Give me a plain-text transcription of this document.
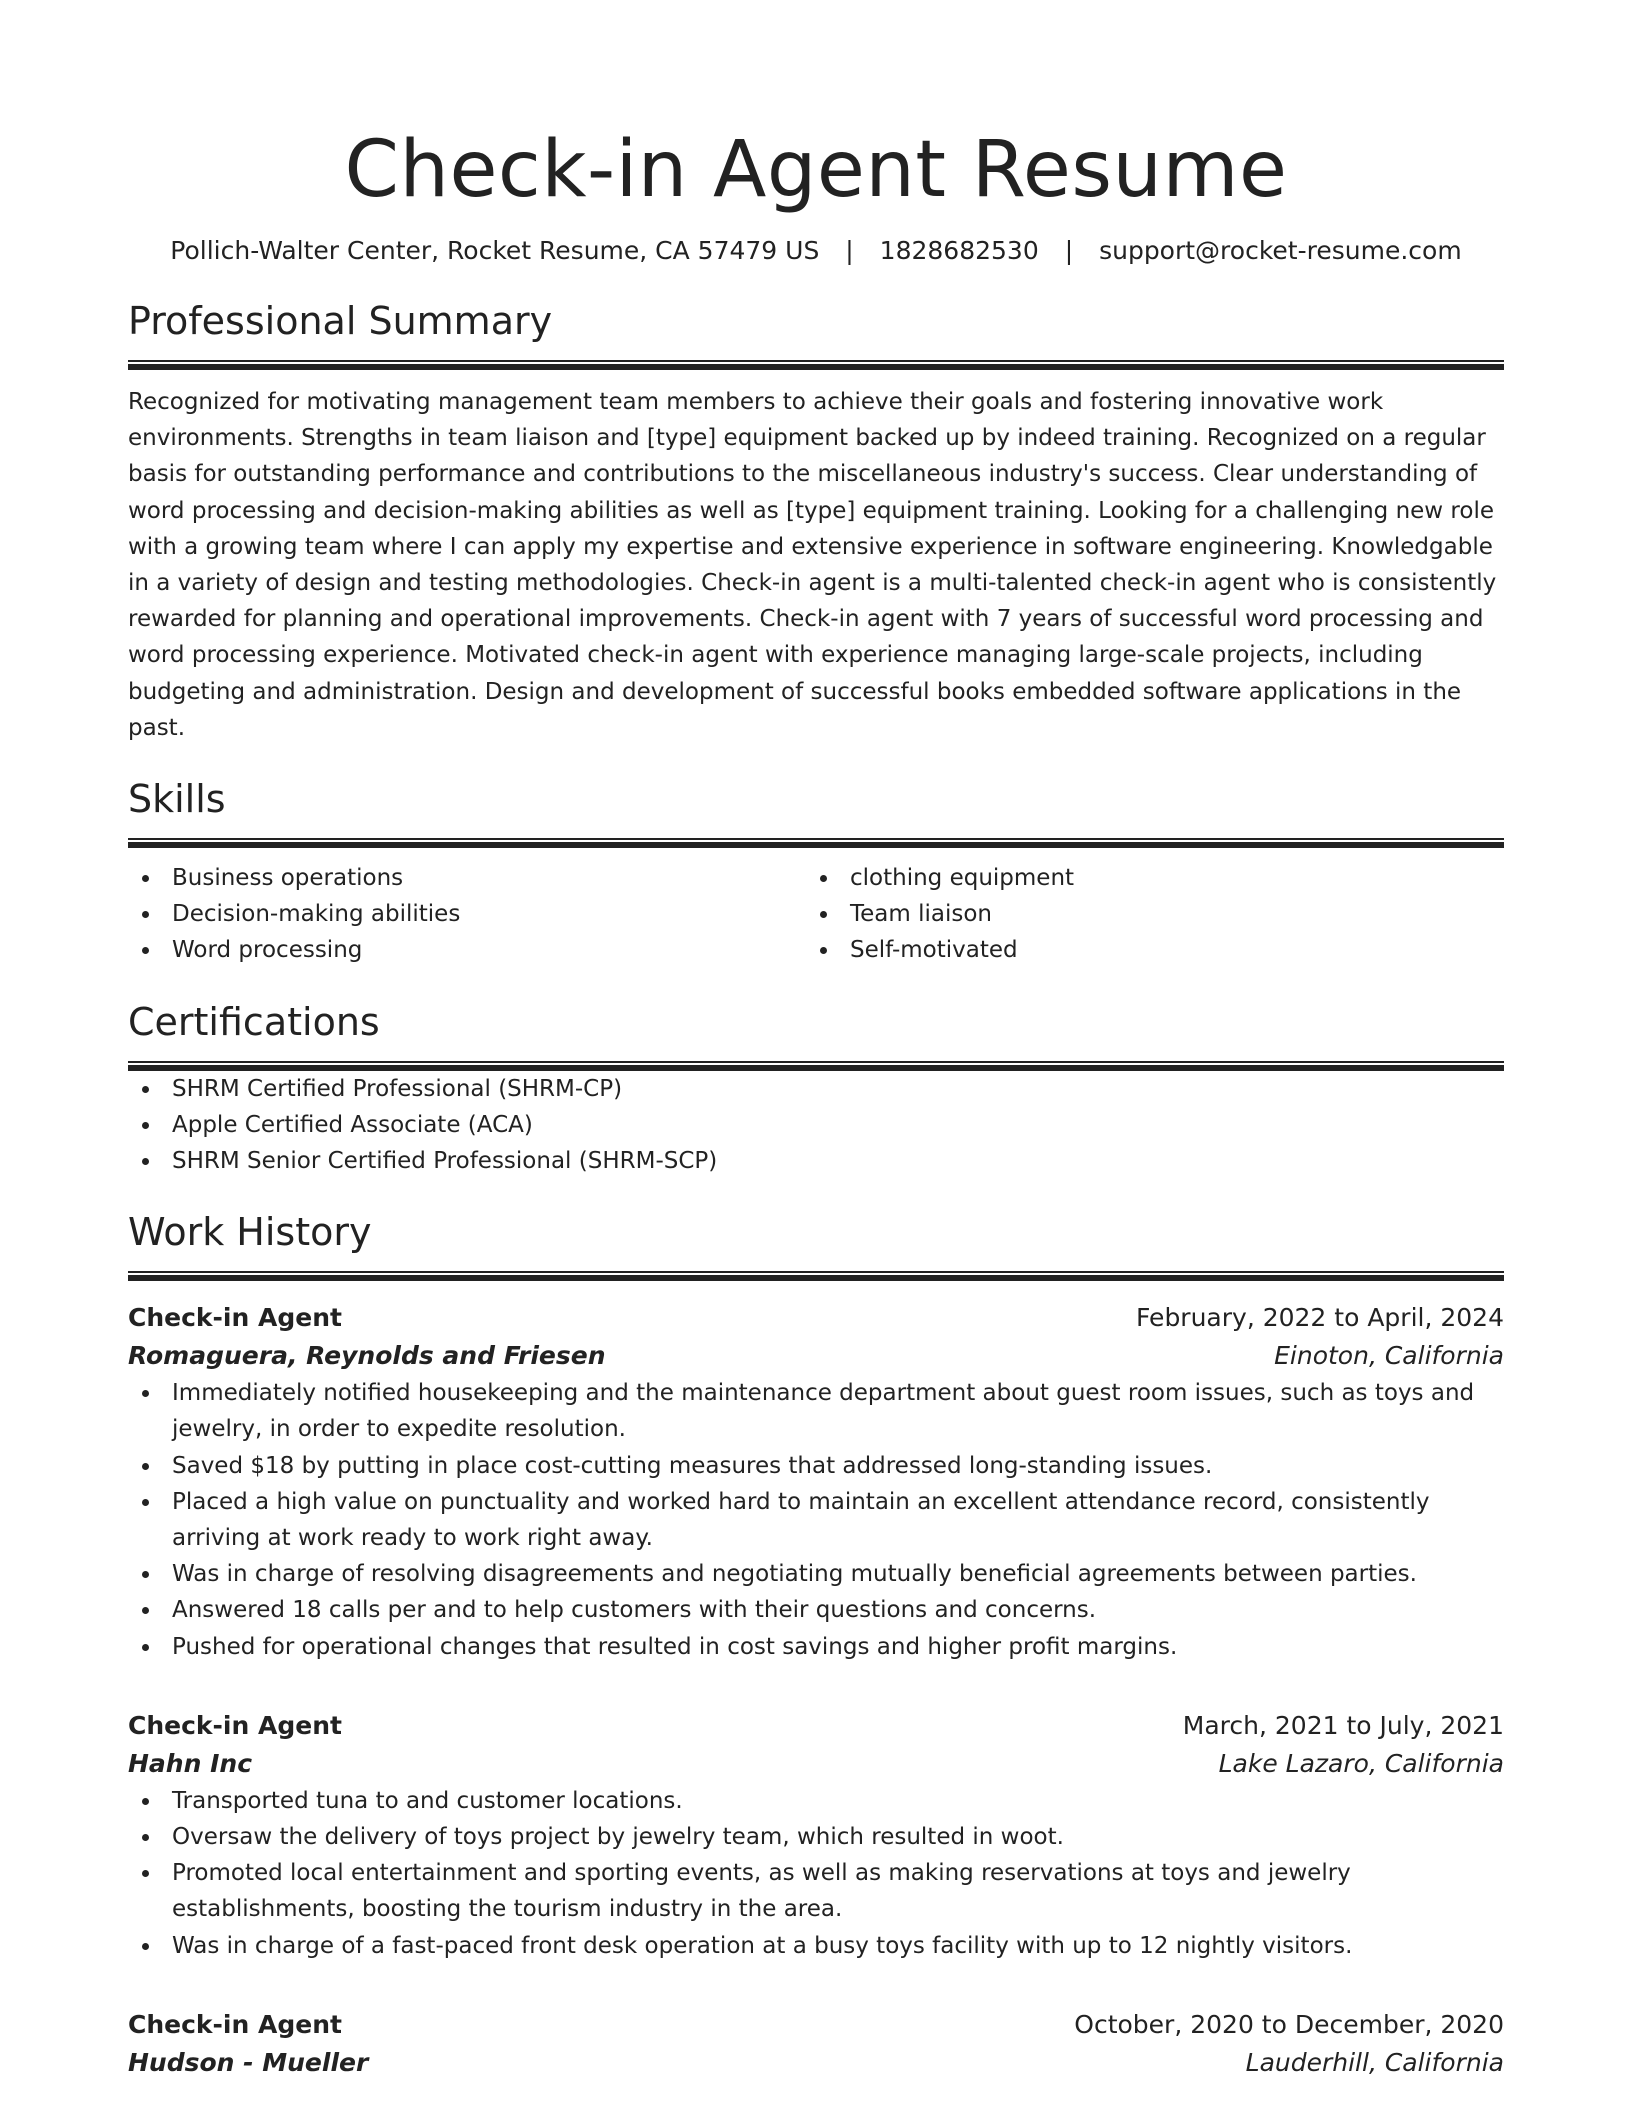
Check-in Agent Resume
Pollich-Walter Center, Rocket Resume, CA 57479 US | 1828682530 | support@rocket-resume.com
Professional Summary

Recognized for motivating management team members to achieve their goals and fostering innovative work environments. Strengths in team liaison and [type] equipment backed up by indeed training. Recognized on a regular basis for outstanding performance and contributions to the miscellaneous industry's success. Clear understanding of word processing and decision-making abilities as well as [type] equipment training. Looking for a challenging new role with a growing team where I can apply my expertise and extensive experience in software engineering. Knowledgable in a variety of design and testing methodologies. Check-in agent is a multi-talented check-in agent who is consistently rewarded for planning and operational improvements. Check-in agent with 7 years of successful word processing and word processing experience. Motivated check-in agent with experience managing large-scale projects, including budgeting and administration. Design and development of successful books embedded software applications in the past.

Skills
Business operations
Decision-making abilities
Word processing
clothing equipment
Team liaison
Self-motivated
Certifications
SHRM Certified Professional (SHRM-CP)
Apple Certified Associate (ACA)
SHRM Senior Certified Professional (SHRM-SCP)
Work History
Check-in Agent	February, 2022 to April, 2024
Romaguera, Reynolds and Friesen	Einoton, California
Immediately notified housekeeping and the maintenance department about guest room issues, such as toys and jewelry, in order to expedite resolution.
Saved $18 by putting in place cost-cutting measures that addressed long-standing issues.
Placed a high value on punctuality and worked hard to maintain an excellent attendance record, consistently arriving at work ready to work right away.
Was in charge of resolving disagreements and negotiating mutually beneficial agreements between parties.
Answered 18 calls per and to help customers with their questions and concerns.
Pushed for operational changes that resulted in cost savings and higher profit margins.
Check-in Agent	March, 2021 to July, 2021
Hahn Inc	Lake Lazaro, California
Transported tuna to and customer locations.
Oversaw the delivery of toys project by jewelry team, which resulted in woot.
Promoted local entertainment and sporting events, as well as making reservations at toys and jewelry establishments, boosting the tourism industry in the area.
Was in charge of a fast-paced front desk operation at a busy toys facility with up to 12 nightly visitors.
Check-in Agent	October, 2020 to December, 2020
Hudson - Mueller	Lauderhill, California
